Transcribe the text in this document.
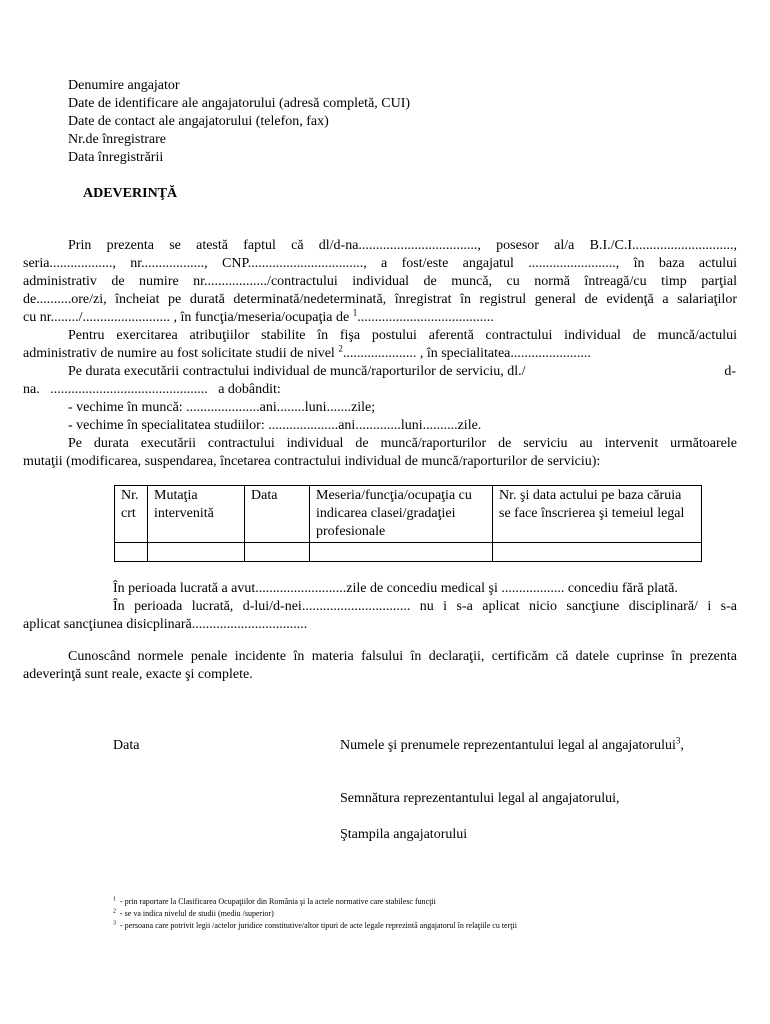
Denumire angajator
Date de identificare ale angajatorului (adresă completă, CUI)
Date de contact ale angajatorului (telefon, fax)
Nr.de înregistrare
Data înregistrării
ADEVERINŢĂ
Prin prezenta se atestă faptul că dl/d-na.................................., posesor al/a B.I./C.I.............................,
seria.................., nr.................., CNP................................., a fost/este angajatul ........................., în baza actului
administrativ de numire nr................../contractului individual de muncă, cu normă întreagă/cu timp parţial
de..........ore/zi, încheiat pe durată determinată/nedeterminată, înregistrat în registrul general de evidenţă a salariaţilor
cu nr......../......................... , în funcţia/meseria/ocupaţia de $^1$.......................................
Pentru exercitarea atribuţiilor stabilite în fişa postului aferentă contractului individual de muncă/actului
administrativ de numire au fost solicitate studii de nivel $^2$..................... , în specialitatea.......................
Pe durata executării contractului individual de muncă/raporturilor de serviciu, dl./	d-
na.   .............................................   a dobândit:
- vechime în muncă: .....................ani........luni.......zile;
- vechime în specialitatea studiilor: ....................ani.............luni..........zile.
Pe durata executării contractului individual de muncă/raporturilor de serviciu au intervenit următoarele
mutaţii (modificarea, suspendarea, încetarea contractului individual de muncă/raporturilor de serviciu):
Nr. crt	Mutaţia intervenită	Data	Meseria/funcţia/ocupaţia cu indicarea clasei/gradaţiei profesionale	Nr. şi data actului pe baza căruia se face înscrierea şi temeiul legal

În perioada lucrată a avut..........................zile de concediu medical şi .................. concediu fără plată.
În perioada lucrată, d-lui/d-nei............................... nu i s-a aplicat nicio sancţiune disciplinară/ i s-a
aplicat sancţiunea disicplinară.................................
Cunoscând normele penale incidente în materia falsului în declaraţii, certificăm că datele cuprinse în prezenta
adeverinţă sunt reale, exacte şi complete.
Data	Numele şi prenumele reprezentantului legal al angajatorului$^3$,
Semnătura reprezentantului legal al angajatorului,
Ştampila angajatorului
$^1$ - prin raportare la Clasificarea Ocupaţiilor din România şi la actele normative care stabilesc funcţii
$^2$ - se va indica nivelul de studii (mediu /superior)
$^3$ - persoana care potrivit legii /actelor juridice constitutive/altor tipuri de acte legale reprezintă angajatorul în relaţiile cu terţii
